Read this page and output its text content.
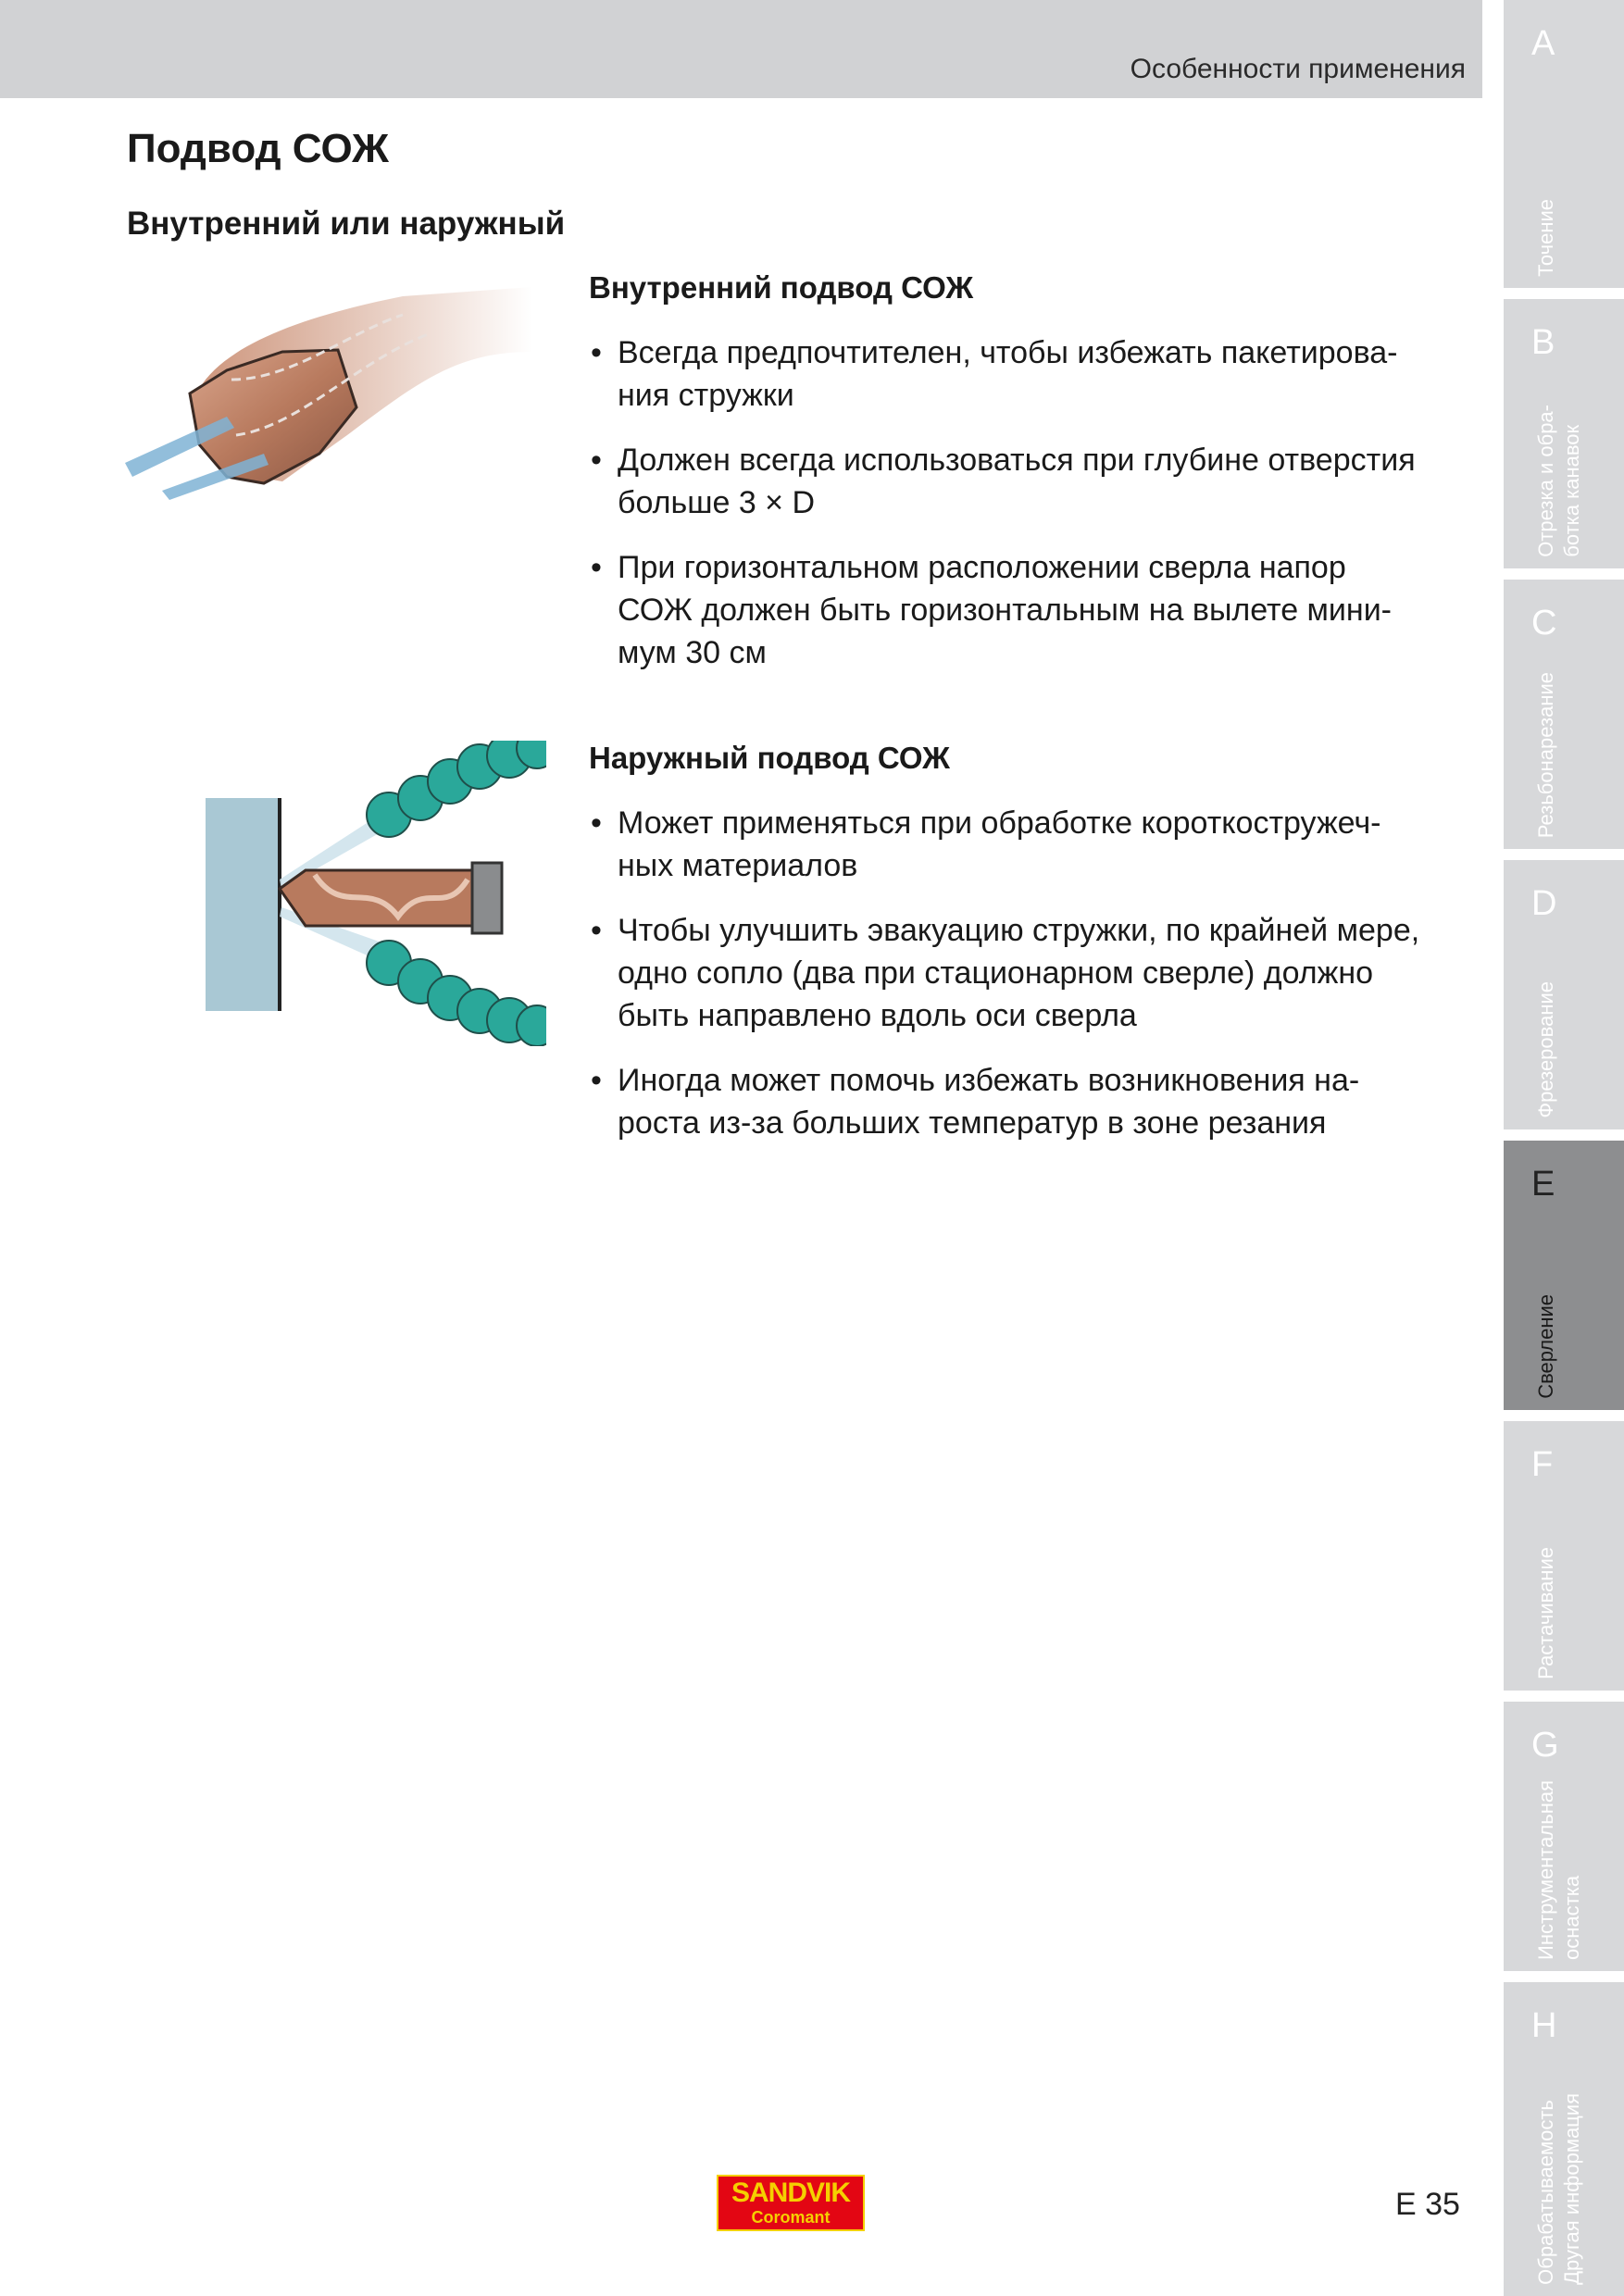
Особенности применения
Подвод СОЖ
Внутренний или наружный
Внутренний подвод СОЖ
• Всегда предпочтителен, чтобы избежать пакетирова-
ния стружки
• Должен всегда использоваться при глубине отверстия
больше 3 × D
• При горизонтальном расположении сверла напор
СОЖ должен быть горизонтальным на вылете мини-
мум 30 см
Наружный подвод СОЖ
• Может применяться при обработке короткостружеч-
ных материалов
• Чтобы улучшить эвакуацию стружки, по крайней мере,
одно сопло (два при стационарном сверле) должно
быть направлено вдоль оси сверла
• Иногда может помочь избежать возникновения на-
роста из-за больших температур в зоне резания
A
Точение
B
Отрезка и обра-
ботка канавок
C
Резьбонарезание
D
Фрезерование
E
Сверление
F
Растачивание
G
Инструментальная
оснастка
H
Обрабатываемость
Другая информация
SANDVIK
Coromant	E 35
